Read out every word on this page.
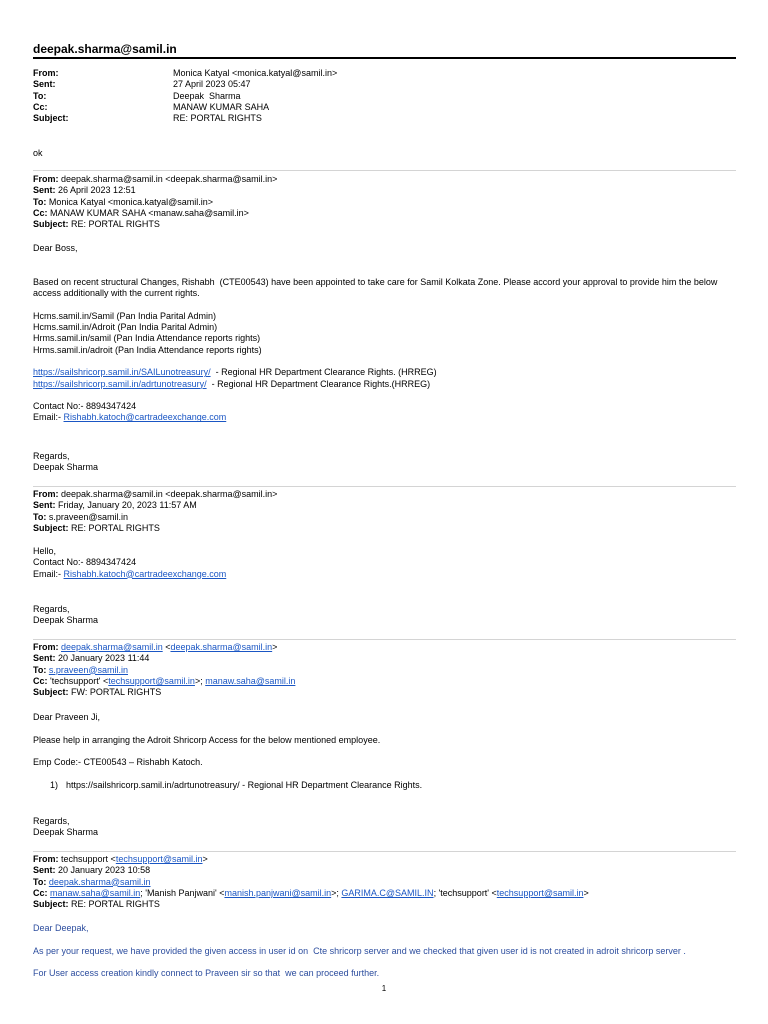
deepak.sharma@samil.in
From:	Monica Katyal <monica.katyal@samil.in>
Sent:	27 April 2023 05:47
To:	Deepak  Sharma
Cc:	MANAW KUMAR SAHA
Subject:	RE: PORTAL RIGHTS
ok
From: deepak.sharma@samil.in <deepak.sharma@samil.in>
Sent: 26 April 2023 12:51
To: Monica Katyal <monica.katyal@samil.in>
Cc: MANAW KUMAR SAHA <manaw.saha@samil.in>
Subject: RE: PORTAL RIGHTS
Dear Boss,
Based on recent structural Changes, Rishabh  (CTE00543) have been appointed to take care for Samil Kolkata Zone. Please accord your approval to provide him the below
access additionally with the current rights.
Hcms.samil.in/Samil (Pan India Parital Admin)
Hcms.samil.in/Adroit (Pan India Parital Admin)
Hrms.samil.in/samil (Pan India Attendance reports rights)
Hrms.samil.in/adroit (Pan India Attendance reports rights)
https://sailshricorp.samil.in/SAILunotreasury/  - Regional HR Department Clearance Rights. (HRREG)
https://sailshricorp.samil.in/adrtunotreasury/  - Regional HR Department Clearance Rights.(HRREG)
Contact No:- 8894347424
Email:- Rishabh.katoch@cartradeexchange.com
Regards,
Deepak Sharma
From: deepak.sharma@samil.in <deepak.sharma@samil.in>
Sent: Friday, January 20, 2023 11:57 AM
To: s.praveen@samil.in
Subject: RE: PORTAL RIGHTS
Hello,
Contact No:- 8894347424
Email:- Rishabh.katoch@cartradeexchange.com
Regards,
Deepak Sharma
From: deepak.sharma@samil.in <deepak.sharma@samil.in>
Sent: 20 January 2023 11:44
To: s.praveen@samil.in
Cc: 'techsupport' <techsupport@samil.in>; manaw.saha@samil.in
Subject: FW: PORTAL RIGHTS
Dear Praveen Ji,
Please help in arranging the Adroit Shricorp Access for the below mentioned employee.
Emp Code:- CTE00543 – Rishabh Katoch.
1) https://sailshricorp.samil.in/adrtunotreasury/ - Regional HR Department Clearance Rights.
Regards,
Deepak Sharma
From: techsupport <techsupport@samil.in>
Sent: 20 January 2023 10:58
To: deepak.sharma@samil.in
Cc: manaw.saha@samil.in; 'Manish Panjwani' <manish.panjwani@samil.in>; GARIMA.C@SAMIL.IN; 'techsupport' <techsupport@samil.in>
Subject: RE: PORTAL RIGHTS
Dear Deepak,
As per your request, we have provided the given access in user id on  Cte shricorp server and we checked that given user id is not created in adroit shricorp server .
For User access creation kindly connect to Praveen sir so that  we can proceed further.
1
